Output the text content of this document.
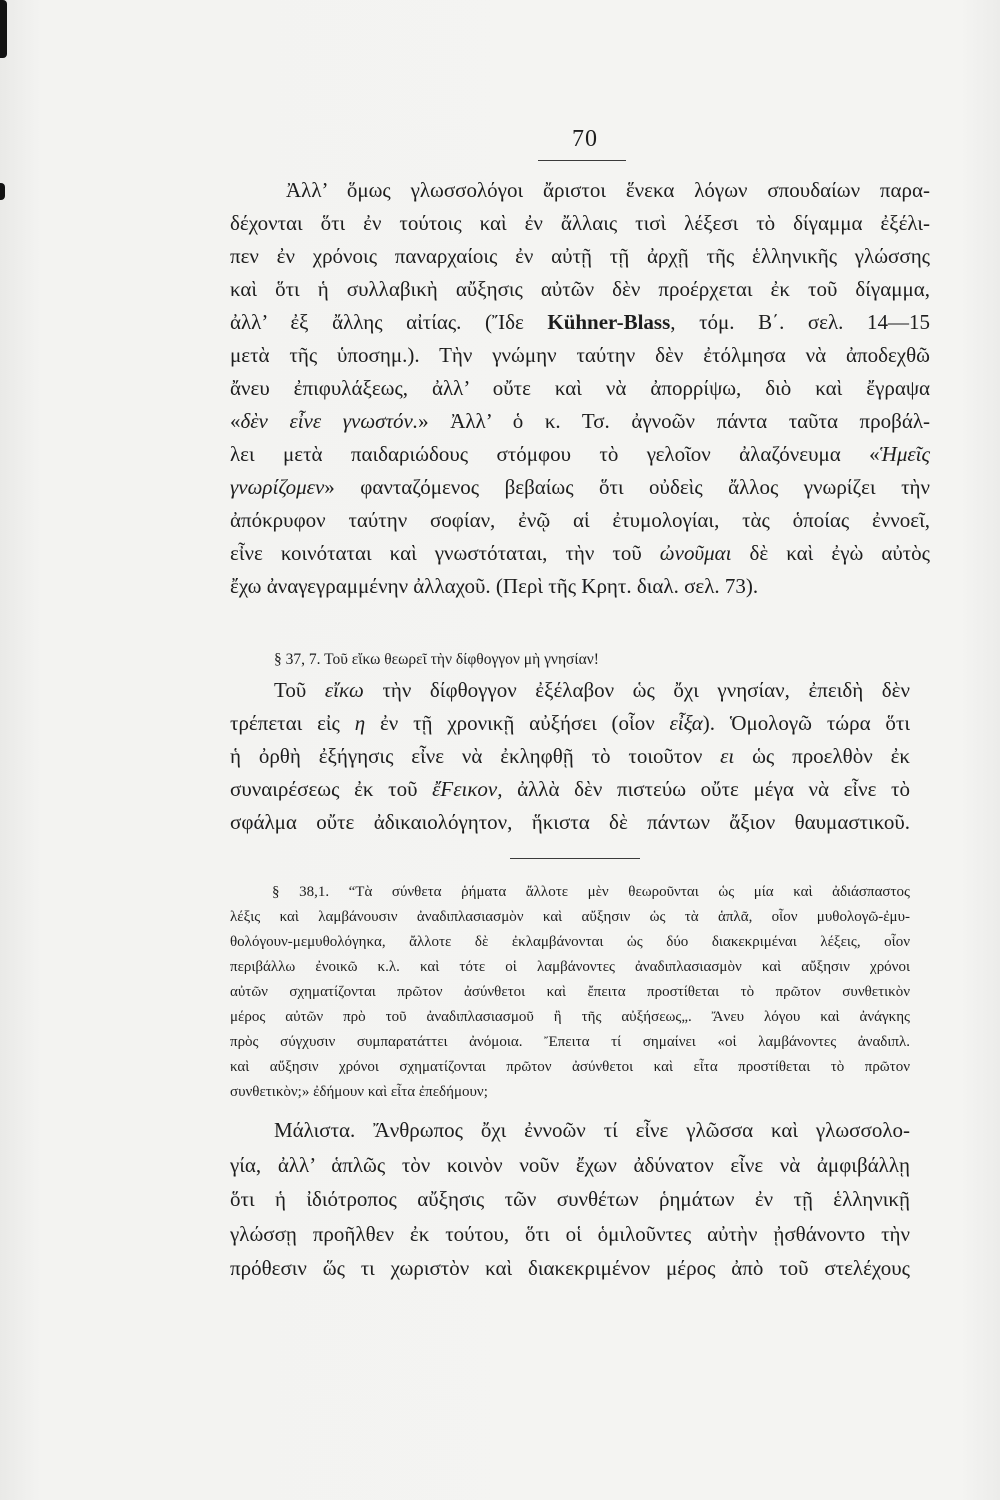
70
Ἀλλ’ ὅμως γλωσσολόγοι ἄριστοι ἕνεκα λόγων σπουδαίων παρα-
δέχονται ὅτι ἐν τούτοις καὶ ἐν ἄλλαις τισὶ λέξεσι τὸ δίγαμμα ἐξέλι-
πεν ἐν χρόνοις παναρχαίοις ἐν αὐτῇ τῇ ἀρχῇ τῆς ἑλληνικῆς γλώσσης
καὶ ὅτι ἡ συλλαβικὴ αὔξησις αὐτῶν δὲν προέρχεται ἐκ τοῦ δίγαμμα,
ἀλλ’ ἐξ ἄλλης αἰτίας. (Ἴδε Kühner-Blass, τόμ. Β΄. σελ. 14—15
μετὰ τῆς ὑποσημ.). Τὴν γνώμην ταύτην δὲν ἐτόλμησα νὰ ἀποδεχθῶ
ἄνευ ἐπιφυλάξεως, ἀλλ’ οὔτε καὶ νὰ ἀπορρίψω, διὸ καὶ ἔγραψα
«δὲν εἶνε γνωστόν.» Ἀλλ’ ὁ κ. Τσ. ἀγνοῶν πάντα ταῦτα προβάλ-
λει μετὰ παιδαριώδους στόμφου τὸ γελοῖον ἀλαζόνευμα «Ἡμεῖς
γνωρίζομεν» φανταζόμενος βεβαίως ὅτι οὐδεὶς ἄλλος γνωρίζει τὴν
ἀπόκρυφον ταύτην σοφίαν, ἐνῷ αἱ ἐτυμολογίαι, τὰς ὁποίας ἐννοεῖ,
εἶνε κοινόταται καὶ γνωστόταται, τὴν τοῦ ὠνοῦμαι δὲ καὶ ἐγὼ αὐτὸς
ἔχω ἀναγεγραμμένην ἀλλαχοῦ. (Περὶ τῆς Κρητ. διαλ. σελ. 73).
§ 37, 7. Τοῦ εἴκω θεωρεῖ τὴν δίφθογγον μὴ γνησίαν!
Τοῦ εἴκω τὴν δίφθογγον ἐξέλαβον ὡς ὄχι γνησίαν, ἐπειδὴ δὲν
τρέπεται εἰς η ἐν τῇ χρονικῇ αὐξήσει (οἷον εἶξα). Ὁμολογῶ τώρα ὅτι
ἡ ὀρθὴ ἐξήγησις εἶνε νὰ ἐκληφθῇ τὸ τοιοῦτον ει ὡς προελθὸν ἐκ
συναιρέσεως ἐκ τοῦ ἔϜεικον, ἀλλὰ δὲν πιστεύω οὔτε μέγα νὰ εἶνε τὸ
σφάλμα οὔτε ἀδικαιολόγητον, ἥκιστα δὲ πάντων ἄξιον θαυμαστικοῦ.
§ 38,1. “Τὰ σύνθετα ῥήματα ἄλλοτε μὲν θεωροῦνται ὡς μία καὶ ἀδιάσπαστος
λέξις καὶ λαμβάνουσιν ἀναδιπλασιασμὸν καὶ αὔξησιν ὡς τὰ ἁπλᾶ, οἷον μυθολογῶ-ἐμυ-
θολόγουν-μεμυθολόγηκα, ἄλλοτε δὲ ἐκλαμβάνονται ὡς δύο διακεκριμέναι λέξεις, οἷον
περιβάλλω ἐνοικῶ κ.λ. καὶ τότε οἱ λαμβάνοντες ἀναδιπλασιασμὸν καὶ αὔξησιν χρόνοι
αὐτῶν σχηματίζονται πρῶτον ἀσύνθετοι καὶ ἔπειτα προστίθεται τὸ πρῶτον συνθετικὸν
μέρος αὐτῶν πρὸ τοῦ ἀναδιπλασιασμοῦ ἢ τῆς αὐξήσεως„. Ἄνευ λόγου καὶ ἀνάγκης
πρὸς σύγχυσιν συμπαρατάττει ἀνόμοια. Ἔπειτα τί σημαίνει «οἱ λαμβάνοντες ἀναδιπλ.
καὶ αὔξησιν χρόνοι σχηματίζονται πρῶτον ἀσύνθετοι καὶ εἶτα προστίθεται τὸ πρῶτον
συνθετικὸν;» ἐδήμουν καὶ εἶτα ἐπεδήμουν;
Μάλιστα. Ἄνθρωπος ὄχι ἐννοῶν τί εἶνε γλῶσσα καὶ γλωσσολο-
γία, ἀλλ’ ἁπλῶς τὸν κοινὸν νοῦν ἔχων ἀδύνατον εἶνε νὰ ἀμφιβάλλῃ
ὅτι ἡ ἰδιότροπος αὔξησις τῶν συνθέτων ῥημάτων ἐν τῇ ἑλληνικῇ
γλώσσῃ προῆλθεν ἐκ τούτου, ὅτι οἱ ὁμιλοῦντες αὐτὴν ᾐσθάνοντο τὴν
πρόθεσιν ὥς τι χωριστὸν καὶ διακεκριμένον μέρος ἀπὸ τοῦ στελέχους
